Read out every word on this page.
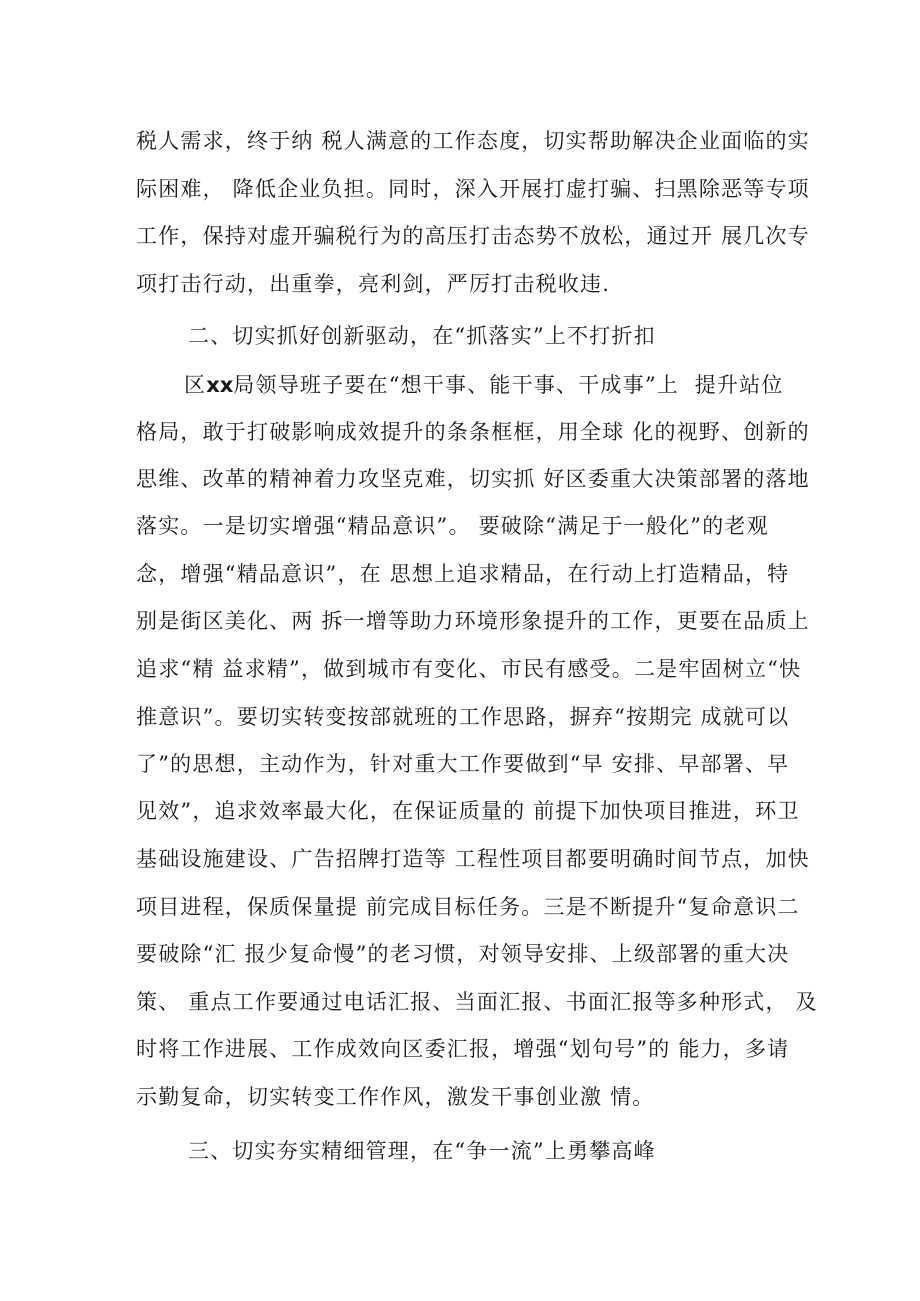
税人需求，终于纳 税人满意的工作态度，切实帮助解决企业面临的实
际困难， 降低企业负担。同时，深入开展打虚打骗、扫黑除恶等专项
工作，保持对虚开骗税行为的高压打击态势不放松，通过开 展几次专
项打击行动，出重拳，亮利剑，严厉打击税收违.
二、切实抓好创新驱动，在“抓落实”上不打折扣
区xx局领导班子要在“想干事、能干事、干成事”上  提升站位
格局，敢于打破影响成效提升的条条框框，用全球 化的视野、创新的
思维、改革的精神着力攻坚克难，切实抓 好区委重大决策部署的落地
落实。一是切实增强“精品意识”。 要破除“满足于一般化”的老观
念，增强“精品意识”，在 思想上追求精品，在行动上打造精品，特
别是街区美化、两 拆一增等助力环境形象提升的工作，更要在品质上
追求“精 益求精”，做到城市有变化、市民有感受。二是牢固树立“快
推意识”。要切实转变按部就班的工作思路，摒弃“按期完 成就可以
了”的思想，主动作为，针对重大工作要做到“早 安排、早部署、早
见效”，追求效率最大化，在保证质量的 前提下加快项目推进，环卫
基础设施建设、广告招牌打造等 工程性项目都要明确时间节点，加快
项目进程，保质保量提 前完成目标任务。三是不断提升“复命意识二
要破除“汇 报少复命慢”的老习惯，对领导安排、上级部署的重大决
策、 重点工作要通过电话汇报、当面汇报、书面汇报等多种形式， 及
时将工作进展、工作成效向区委汇报，增强“划句号”的 能力，多请
示勤复命，切实转变工作作风，激发干事创业激 情。
三、切实夯实精细管理，在“争一流”上勇攀高峰
